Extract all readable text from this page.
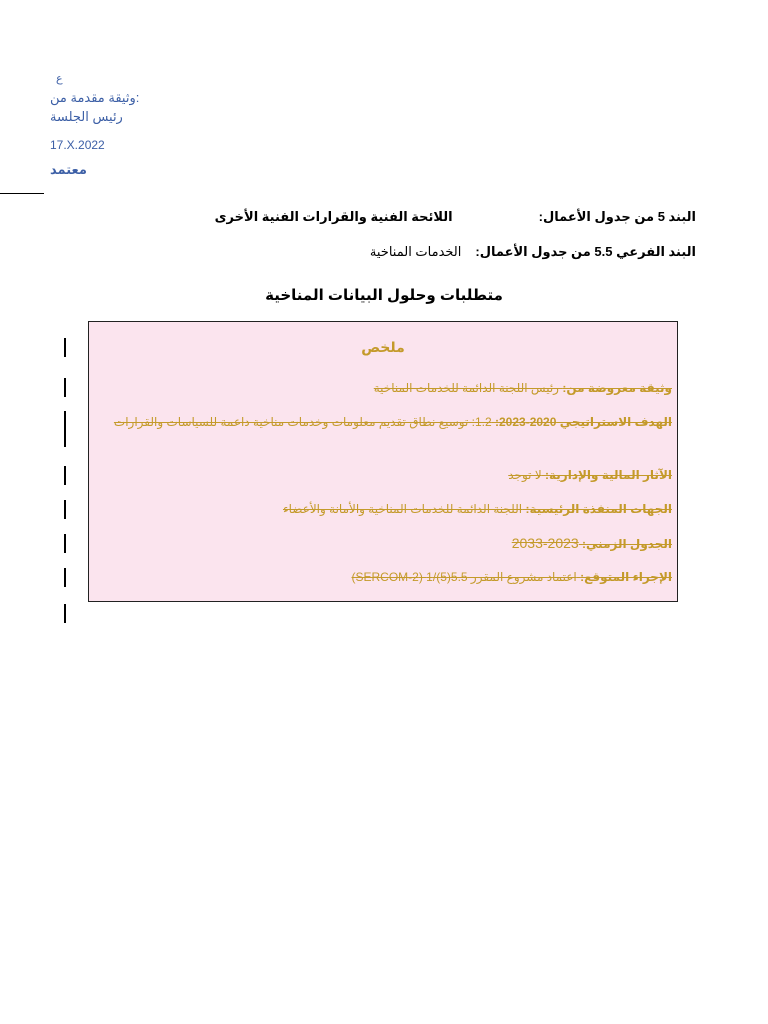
ع
وثيقة مقدمة من:
رئيس الجلسة
17.X.2022
معتمد
البند 5 من جدول الأعمال:
اللائحة الفنية والقرارات الفنية الأخرى
البند الفرعي 5.5 من جدول الأعمال:
الخدمات المناخية
متطلبات وحلول البيانات المناخية
ملخص
وثيقة معروضة من: رئيس اللجنة الدائمة للخدمات المناخية
الهدف الاستراتيجي 2020-2023: 1.2: توسيع نطاق تقديم معلومات وخدمات مناخية داعمة للسياسات والقرارات
الآثار المالية والإدارية: لا توجد
الجهات المنفذة الرئيسية: اللجنة الدائمة للخدمات المناخية والأمانة والأعضاء
الجدول الزمني: 2023-2033
الإجراء المتوقع: اعتماد مشروع المقرر 5.5(5)/1 (SERCOM-2)
